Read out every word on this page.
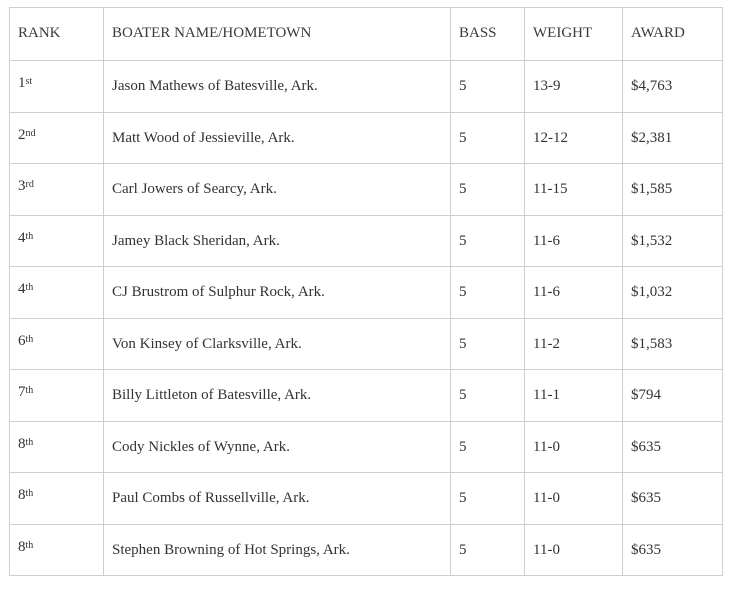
RANK	BOATER NAME/HOMETOWN	BASS	WEIGHT	AWARD
1st	Jason Mathews of Batesville, Ark.	5	13-9	$4,763
2nd	Matt Wood of Jessieville, Ark.	5	12-12	$2,381
3rd	Carl Jowers of Searcy, Ark.	5	11-15	$1,585
4th	Jamey Black Sheridan, Ark.	5	11-6	$1,532
4th	CJ Brustrom of Sulphur Rock, Ark.	5	11-6	$1,032
6th	Von Kinsey of Clarksville, Ark.	5	11-2	$1,583
7th	Billy Littleton of Batesville, Ark.	5	11-1	$794
8th	Cody Nickles of Wynne, Ark.	5	11-0	$635
8th	Paul Combs of Russellville, Ark.	5	11-0	$635
8th	Stephen Browning of Hot Springs, Ark.	5	11-0	$635
